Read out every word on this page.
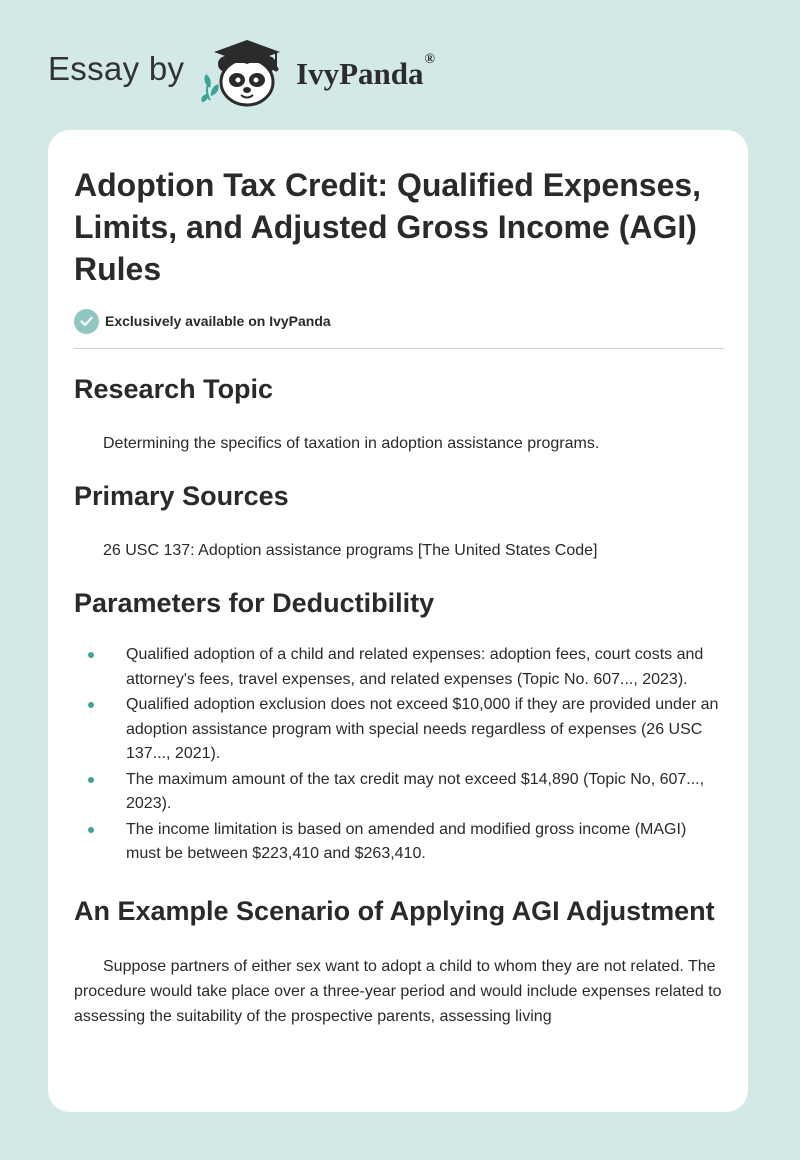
Essay by	IvyPanda®
Adoption Tax Credit: Qualified Expenses, Limits, and Adjusted Gross Income (AGI) Rules
Exclusively available on IvyPanda
Research Topic

Determining the specifics of taxation in adoption assistance programs.

Primary Sources

26 USC 137: Adoption assistance programs [The United States Code]

Parameters for Deductibility
Qualified adoption of a child and related expenses: adoption fees, court costs and attorney's fees, travel expenses, and related expenses (Topic No. 607..., 2023).
Qualified adoption exclusion does not exceed $10,000 if they are provided under an adoption assistance program with special needs regardless of expenses (26 USC 137..., 2021).
The maximum amount of the tax credit may not exceed $14,890 (Topic No, 607..., 2023).
The income limitation is based on amended and modified gross income (MAGI) must be between $223,410 and $263,410.
An Example Scenario of Applying AGI Adjustment

Suppose partners of either sex want to adopt a child to whom they are not related. The procedure would take place over a three-year period and would include expenses related to assessing the suitability of the prospective parents, assessing living
